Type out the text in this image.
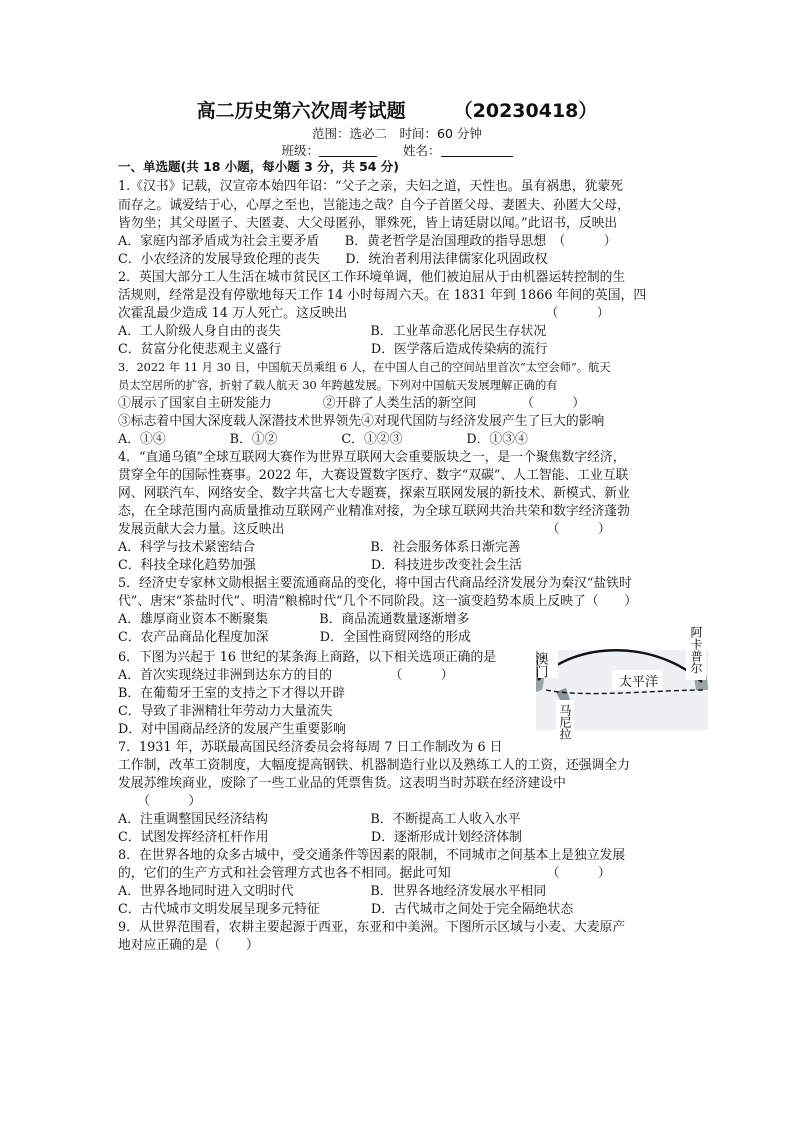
高二历史第六次周考试题	（20230418）
范围：选必二　时间：60 分钟
班级：	姓名：
一、单选题(共 18 小题，每小题 3 分，共 54 分)
1.《汉书》记载，汉宣帝本始四年诏：“父子之亲，夫妇之道，天性也。虽有祸患，犹蒙死
而存之。诚爱结于心，心厚之至也，岂能违之哉？自今子首匿父母、妻匿夫、孙匿大父母，
皆勿坐；其父母匿子、夫匿妻、大父母匿孙，罪殊死，皆上请廷尉以闻。”此诏书，反映出
A．家庭内部矛盾成为社会主要矛盾　　B．黄老哲学是治国理政的指导思想　（　　　）
C．小农经济的发展导致伦理的丧失　　D．统治者利用法律儒家化巩固政权
2．英国大部分工人生活在城市贫民区工作环境单调，他们被迫屈从于由机器运转控制的生
活规则，经常是没有停歇地每天工作 14 小时每周六天。在 1831 年到 1866 年间的英国，四
次霍乱最少造成 14 万人死亡。这反映出　　　　　　　　　　　　　　　　（　　　）
A．工人阶级人身自由的丧失　　　　　　　B．工业革命恶化居民生存状况
C．贫富分化使悲观主义盛行　　　　　　　D．医学落后造成传染病的流行
3．2022 年 11 月 30 日，中国航天员乘组 6 人，在中国人自己的空间站里首次“太空会师”。航天
员太空居所的扩容，折射了载人航天 30 年跨越发展。下列对中国航天发展理解正确的有
①展示了国家自主研发能力　　　　②开辟了人类生活的新空间　　　　（　　　）
③标志着中国大深度载人深潜技术世界领先④对现代国防与经济发展产生了巨大的影响
A．①④　　　　　B．①②　　　　　C．①②③　　　　　D．①③④
4．“直通乌镇”全球互联网大赛作为世界互联网大会重要版块之一，是一个聚焦数字经济，
贯穿全年的国际性赛事。2022 年，大赛设置数字医疗、数字“双碳”、人工智能、工业互联
网、网联汽车、网络安全、数字共富七大专题赛，探索互联网发展的新技术、新模式、新业
态，在全球范围内高质量推动互联网产业精准对接，为全球互联网共治共荣和数字经济蓬勃
发展贡献大会力量。这反映出　　　　　　　　　　　　　　　　　　　　　（　　　）
A．科学与技术紧密结合　　　　　　　　　B．社会服务体系日渐完善
C．科技全球化趋势加强　　　　　　　　　D．科技进步改变社会生活
5．经济史专家林文勋根据主要流通商品的变化，将中国古代商品经济发展分为秦汉“盐铁时
代”、唐宋“茶盐时代”、明清“粮棉时代”几个不同阶段。这一演变趋势本质上反映了（　　）
A．雄厚商业资本不断聚集　　　　B．商品流通数量逐渐增多
C．农产品商品化程度加深　　　　D．全国性商贸网络的形成
6．下图为兴起于 16 世纪的某条海上商路，以下相关选项正确的是
A．首次实现绕过非洲到达东方的目的　　　　　（　　　）
B．在葡萄牙王室的支持之下才得以开辟
C．导致了非洲精壮年劳动力大量流失
D．对中国商品经济的发展产生重要影响
7．1931 年，苏联最高国民经济委员会将每周 7 日工作制改为 6 日
工作制，改革工资制度，大幅度提高钢铁、机器制造行业以及熟练工人的工资，还强调全力
发展苏维埃商业，废除了一些工业品的凭票售货。这表明当时苏联在经济建设中
　　（　　　）
A．注重调整国民经济结构　　　　　　　　B．不断提高工人收入水平
C．试图发挥经济杠杆作用　　　　　　　　D．逐渐形成计划经济体制
8．在世界各地的众多古城中，受交通条件等因素的限制，不同城市之间基本上是独立发展
的，它们的生产方式和社会管理方式也各不相同。据此可知　　　　　　　　（　　　）
A．世界各地同时进入文明时代　　　　　　B．世界各地经济发展水平相同
C．古代城市文明发展呈现多元特征　　　　D．古代城市之间处于完全隔绝状态
9．从世界范围看，农耕主要起源于西亚，东亚和中美洲。下图所示区域与小麦、大麦原产
地对应正确的是（　　）
太平洋
澳门	阿卡普尔
马尼拉
